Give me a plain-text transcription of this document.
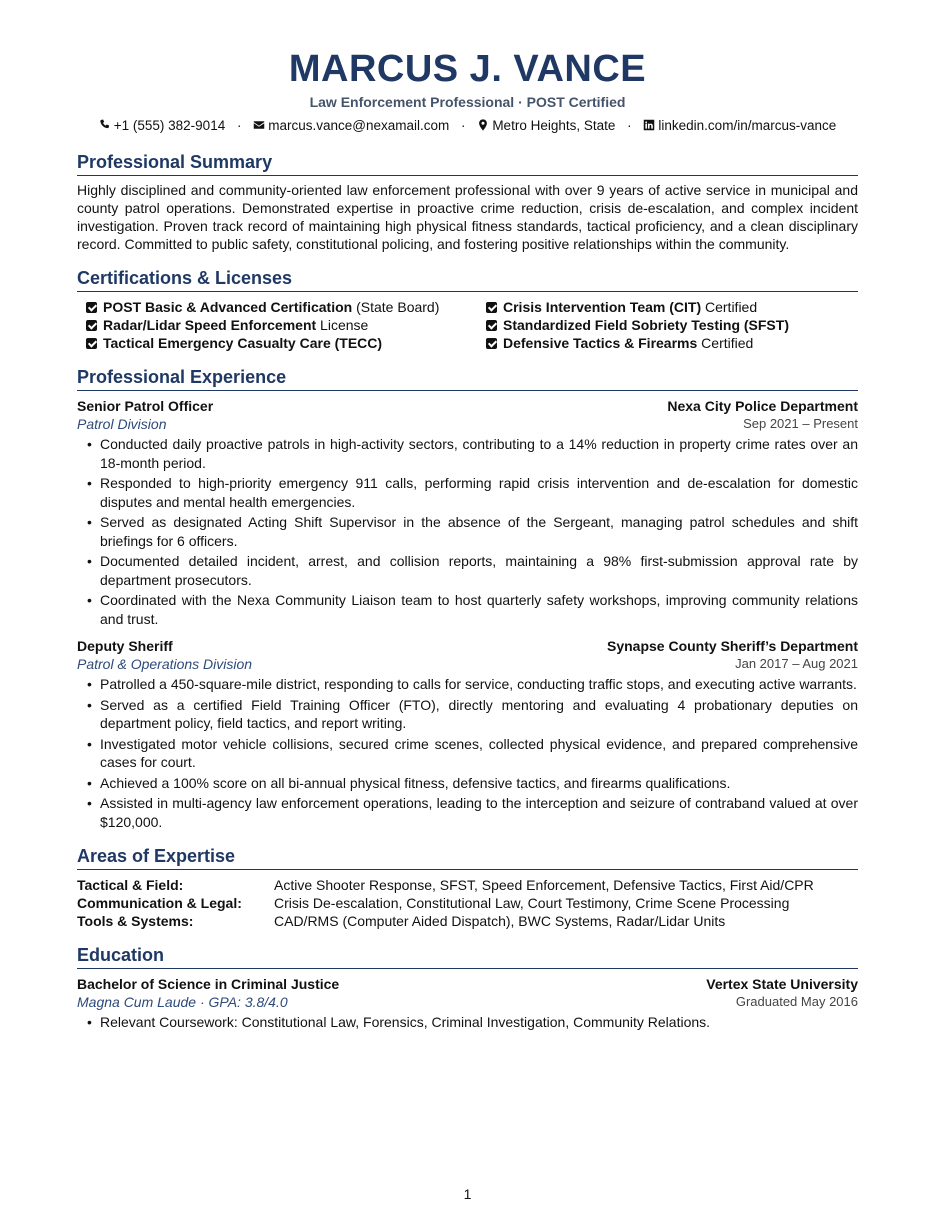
MARCUS J. VANCE
Law Enforcement Professional · POST Certified
+1 (555) 382-9014 · marcus.vance@nexamail.com · Metro Heights, State · linkedin.com/in/marcus-vance
Professional Summary
Highly disciplined and community-oriented law enforcement professional with over 9 years of active service in municipal and county patrol operations. Demonstrated expertise in proactive crime reduction, crisis de-escalation, and complex incident investigation. Proven track record of maintaining high physical fitness standards, tactical proficiency, and a clean disciplinary record. Committed to public safety, constitutional policing, and fostering positive relationships within the community.
Certifications & Licenses
POST Basic & Advanced Certification (State Board)	Crisis Intervention Team (CIT) Certified
Radar/Lidar Speed Enforcement License	Standardized Field Sobriety Testing (SFST)
Tactical Emergency Casualty Care (TECC)	Defensive Tactics & Firearms Certified
Professional Experience
Senior Patrol Officer	Nexa City Police Department
Patrol Division	Sep 2021 – Present
• Conducted daily proactive patrols in high-activity sectors, contributing to a 14% reduction in property crime rates over an 18-month period.
• Responded to high-priority emergency 911 calls, performing rapid crisis intervention and de-escalation for domestic disputes and mental health emergencies.
• Served as designated Acting Shift Supervisor in the absence of the Sergeant, managing patrol schedules and shift briefings for 6 officers.
• Documented detailed incident, arrest, and collision reports, maintaining a 98% first-submission approval rate by department prosecutors.
• Coordinated with the Nexa Community Liaison team to host quarterly safety workshops, improving community relations and trust.
Deputy Sheriff	Synapse County Sheriff’s Department
Patrol & Operations Division	Jan 2017 – Aug 2021
• Patrolled a 450-square-mile district, responding to calls for service, conducting traffic stops, and executing active warrants.
• Served as a certified Field Training Officer (FTO), directly mentoring and evaluating 4 probationary deputies on department policy, field tactics, and report writing.
• Investigated motor vehicle collisions, secured crime scenes, collected physical evidence, and prepared comprehensive cases for court.
• Achieved a 100% score on all bi-annual physical fitness, defensive tactics, and firearms qualifications.
• Assisted in multi-agency law enforcement operations, leading to the interception and seizure of contraband valued at over $120,000.
Areas of Expertise
Tactical & Field:	Active Shooter Response, SFST, Speed Enforcement, Defensive Tactics, First Aid/CPR
Communication & Legal:	Crisis De-escalation, Constitutional Law, Court Testimony, Crime Scene Processing
Tools & Systems:	CAD/RMS (Computer Aided Dispatch), BWC Systems, Radar/Lidar Units
Education
Bachelor of Science in Criminal Justice	Vertex State University
Magna Cum Laude · GPA: 3.8/4.0	Graduated May 2016
• Relevant Coursework: Constitutional Law, Forensics, Criminal Investigation, Community Relations.
1
